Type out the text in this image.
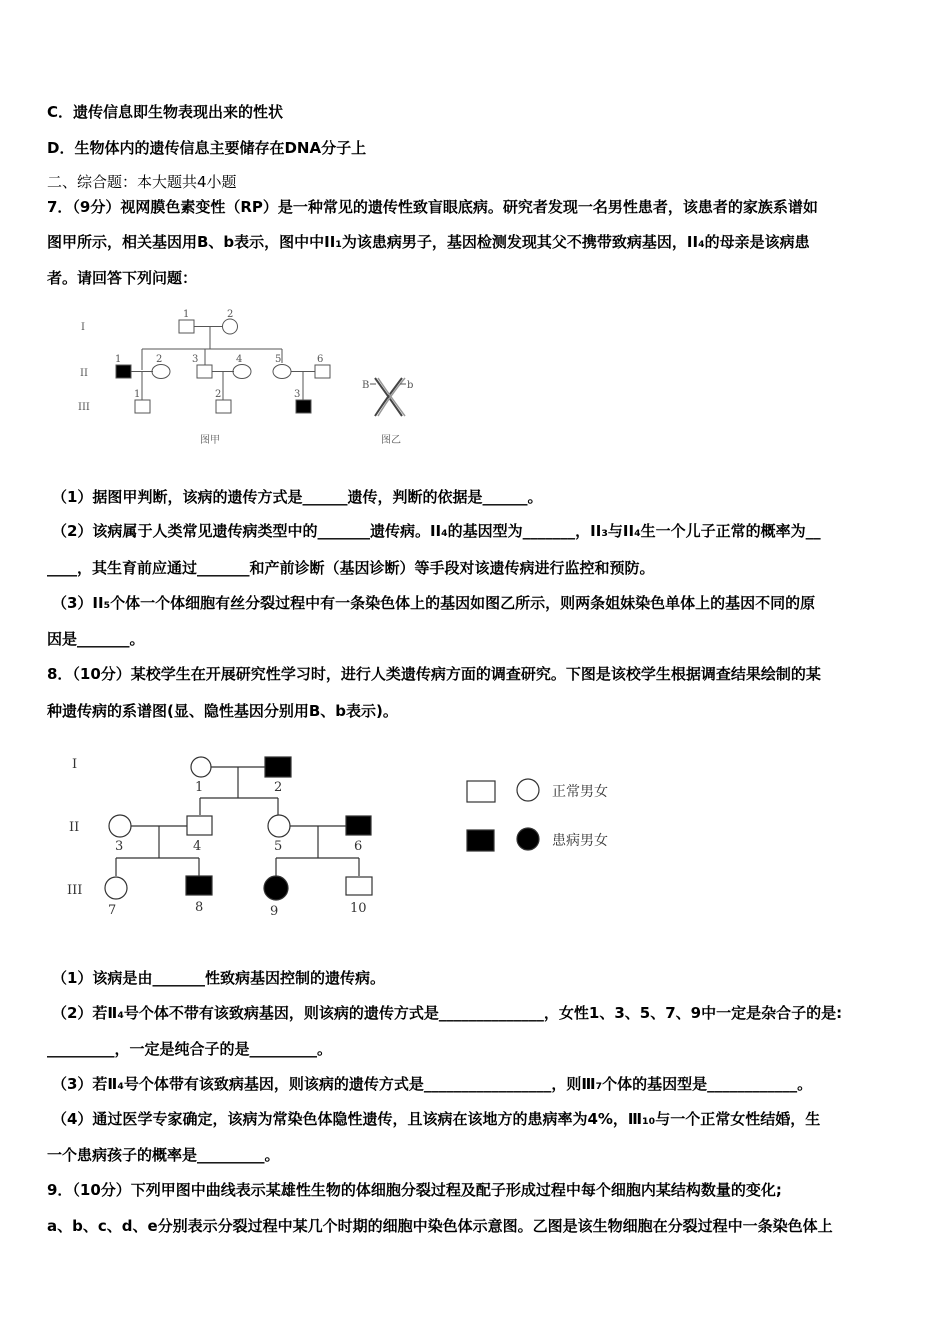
C．遗传信息即生物表现出来的性状
D．生物体内的遗传信息主要储存在DNA分子上
二、综合题：本大题共4小题
7．（9分）视网膜色素变性（RP）是一种常见的遗传性致盲眼底病。研究者发现一名男性患者，该患者的家族系谱如
图甲所示，相关基因用B、b表示，图中中II₁为该患病男子，基因检测发现其父不携带致病基因，II₄的母亲是该病患
者。请回答下列问题：
I
II
III
1	2
1	2	3	4	5	6
1	2	3
B	b
图甲	图乙
（1）据图甲判断，该病的遗传方式是______遗传，判断的依据是______。
（2）该病属于人类常见遗传病类型中的_______遗传病。II₄的基因型为_______，II₃与II₄生一个儿子正常的概率为__
____，其生育前应通过_______和产前诊断（基因诊断）等手段对该遗传病进行监控和预防。
（3）II₅个体一个体细胞有丝分裂过程中有一条染色体上的基因如图乙所示，则两条姐妹染色单体上的基因不同的原
因是_______。
8．（10分）某校学生在开展研究性学习时，进行人类遗传病方面的调查研究。下图是该校学生根据调查结果绘制的某
种遗传病的系谱图(显、隐性基因分别用B、b表示)。
I
II
III
1	2
3	4	5	6
7	8	9	10
正常男女
患病男女
（1）该病是由_______性致病基因控制的遗传病。
（2）若Ⅱ₄号个体不带有该致病基因，则该病的遗传方式是______________，女性1、3、5、7、9中一定是杂合子的是:
_________，一定是纯合子的是_________。
（3）若Ⅱ₄号个体带有该致病基因，则该病的遗传方式是_________________，则Ⅲ₇个体的基因型是____________。
（4）通过医学专家确定，该病为常染色体隐性遗传，且该病在该地方的患病率为4%，Ⅲ₁₀与一个正常女性结婚，生
一个患病孩子的概率是_________。
9．（10分）下列甲图中曲线表示某雄性生物的体细胞分裂过程及配子形成过程中每个细胞内某结构数量的变化;
a、b、c、d、e分别表示分裂过程中某几个时期的细胞中染色体示意图。乙图是该生物细胞在分裂过程中一条染色体上
